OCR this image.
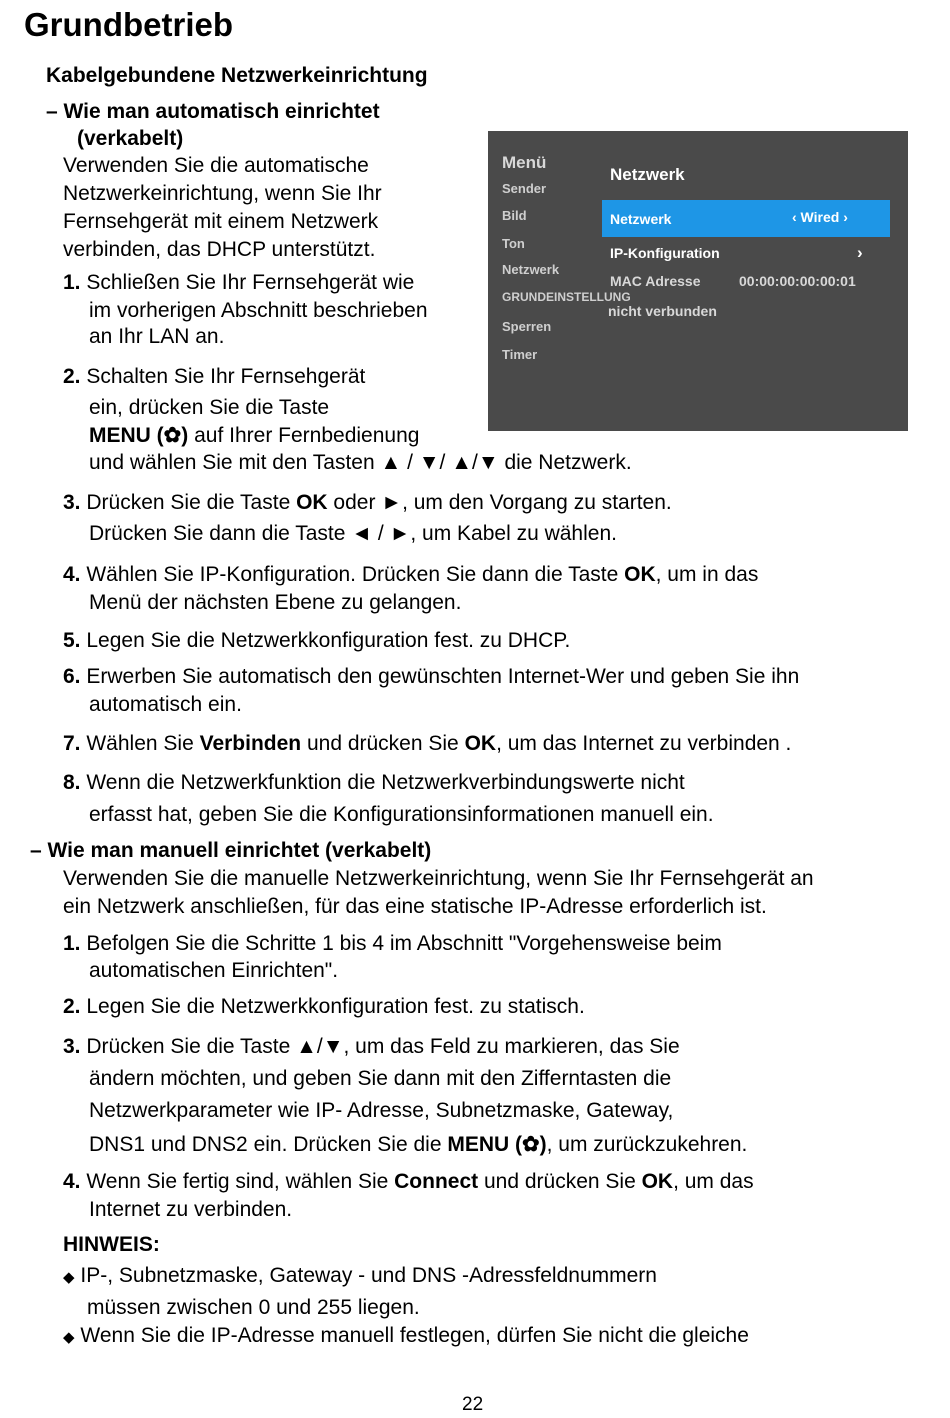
Grundbetrieb
Kabelgebundene Netzwerkeinrichtung
– Wie man automatisch einrichtet
(verkabelt)
Verwenden Sie die automatische
Netzwerkeinrichtung, wenn Sie Ihr
Fernsehgerät mit einem Netzwerk
verbinden, das DHCP unterstützt.
1. Schließen Sie Ihr Fernsehgerät wie
im vorherigen Abschnitt beschrieben
an Ihr LAN an.
2. Schalten Sie Ihr Fernsehgerät
ein, drücken Sie die Taste
MENU (✿) auf Ihrer Fernbedienung
und wählen Sie mit den Tasten ▲ / ▼/ ▲/▼ die Netzwerk.
3. Drücken Sie die Taste OK oder ►, um den Vorgang zu starten.
Drücken Sie dann die Taste ◄ / ►, um Kabel zu wählen.
4. Wählen Sie IP-Konfiguration. Drücken Sie dann die Taste OK, um in das
Menü der nächsten Ebene zu gelangen.
5. Legen Sie die Netzwerkkonfiguration fest. zu DHCP.
6. Erwerben Sie automatisch den gewünschten Internet-Wer und geben Sie ihn
automatisch ein.
7. Wählen Sie Verbinden und drücken Sie OK, um das Internet zu verbinden .
8. Wenn die Netzwerkfunktion die Netzwerkverbindungswerte nicht
erfasst hat, geben Sie die Konfigurationsinformationen manuell ein.
– Wie man manuell einrichtet (verkabelt)
Verwenden Sie die manuelle Netzwerkeinrichtung, wenn Sie Ihr Fernsehgerät an
ein Netzwerk anschließen, für das eine statische IP-Adresse erforderlich ist.
1. Befolgen Sie die Schritte 1 bis 4 im Abschnitt "Vorgehensweise beim
automatischen Einrichten".
2. Legen Sie die Netzwerkkonfiguration fest. zu statisch.
3. Drücken Sie die Taste ▲/▼, um das Feld zu markieren, das Sie
ändern möchten, und geben Sie dann mit den Zifferntasten die
Netzwerkparameter wie IP- Adresse, Subnetzmaske, Gateway,
DNS1 und DNS2 ein. Drücken Sie die MENU (✿), um zurückzukehren.
4. Wenn Sie fertig sind, wählen Sie Connect und drücken Sie OK, um das
Internet zu verbinden.
HINWEIS:
◆ IP-, Subnetzmaske, Gateway - und DNS -Adressfeldnummern
müssen zwischen 0 und 255 liegen.
◆ Wenn Sie die IP-Adresse manuell festlegen, dürfen Sie nicht die gleiche
Menü
Sender
Bild
Ton
Netzwerk
GRUNDEINSTELLUNG
Sperren
Timer
Netzwerk
Netzwerk	‹ Wired ›
IP-Konfiguration	›
MAC Adresse	00:00:00:00:00:01
nicht verbunden
22
